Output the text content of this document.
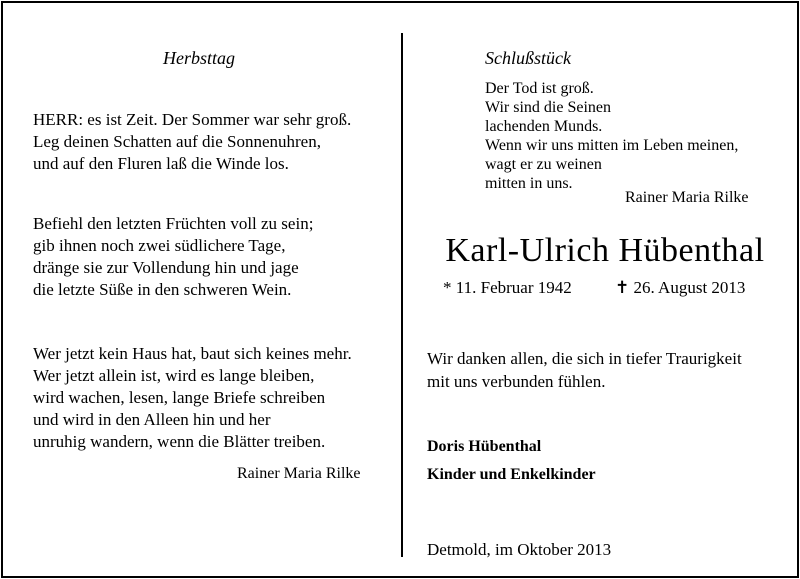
Herbsttag
HERR: es ist Zeit. Der Sommer war sehr groß.
Leg deinen Schatten auf die Sonnenuhren,
und auf den Fluren laß die Winde los.
Befiehl den letzten Früchten voll zu sein;
gib ihnen noch zwei südlichere Tage,
dränge sie zur Vollendung hin und jage
die letzte Süße in den schweren Wein.
Wer jetzt kein Haus hat, baut sich keines mehr.
Wer jetzt allein ist, wird es lange bleiben,
wird wachen, lesen, lange Briefe schreiben
und wird in den Alleen hin und her
unruhig wandern, wenn die Blätter treiben.
Rainer Maria Rilke
Schlußstück
Der Tod ist groß.
Wir sind die Seinen
lachenden Munds.
Wenn wir uns mitten im Leben meinen,
wagt er zu weinen
mitten in uns.
Rainer Maria Rilke
Karl-Ulrich Hübenthal
* 11. Februar 1942	✝ 26. August 2013
Wir danken allen, die sich in tiefer Traurigkeit
mit uns verbunden fühlen.
Doris Hübenthal
Kinder und Enkelkinder
Detmold, im Oktober 2013
